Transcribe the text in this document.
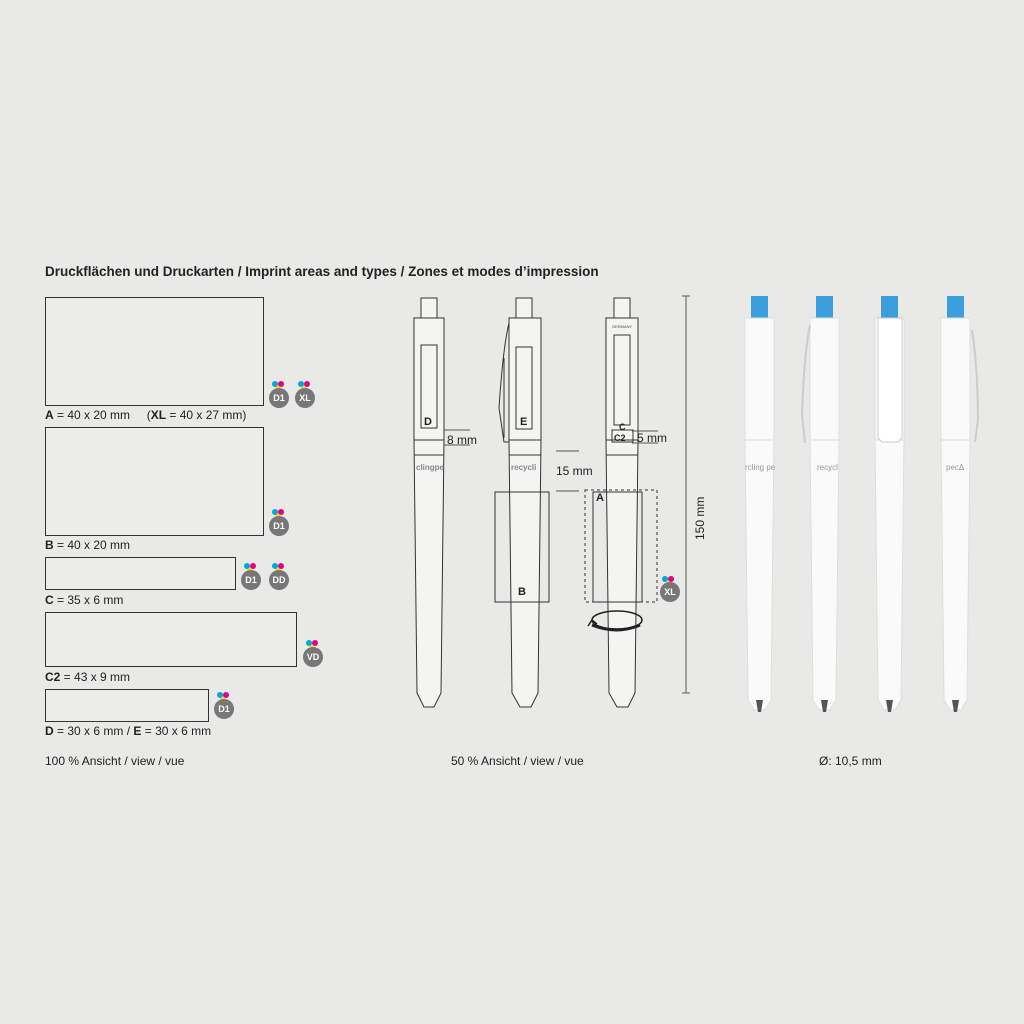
Druckflächen und Druckarten / Imprint areas and types / Zones et modes d’impression
A = 40 x 20 mm (XL = 40 x 27 mm)
D1	XL
B = 40 x 20 mm
D1
C = 35 x 6 mm
D1	DD
C2 = 43 x 9 mm
VD
D = 30 x 6 mm / E = 30 x 6 mm
D1
XL
D	E	C
C2
A
B
8 mm	5 mm
15 mm
150 mm
clingpe	recycli
GERMANY
rcling pe	recycl	pecΔ
100 % Ansicht / view / vue	50 % Ansicht / view / vue	Ø: 10,5 mm
